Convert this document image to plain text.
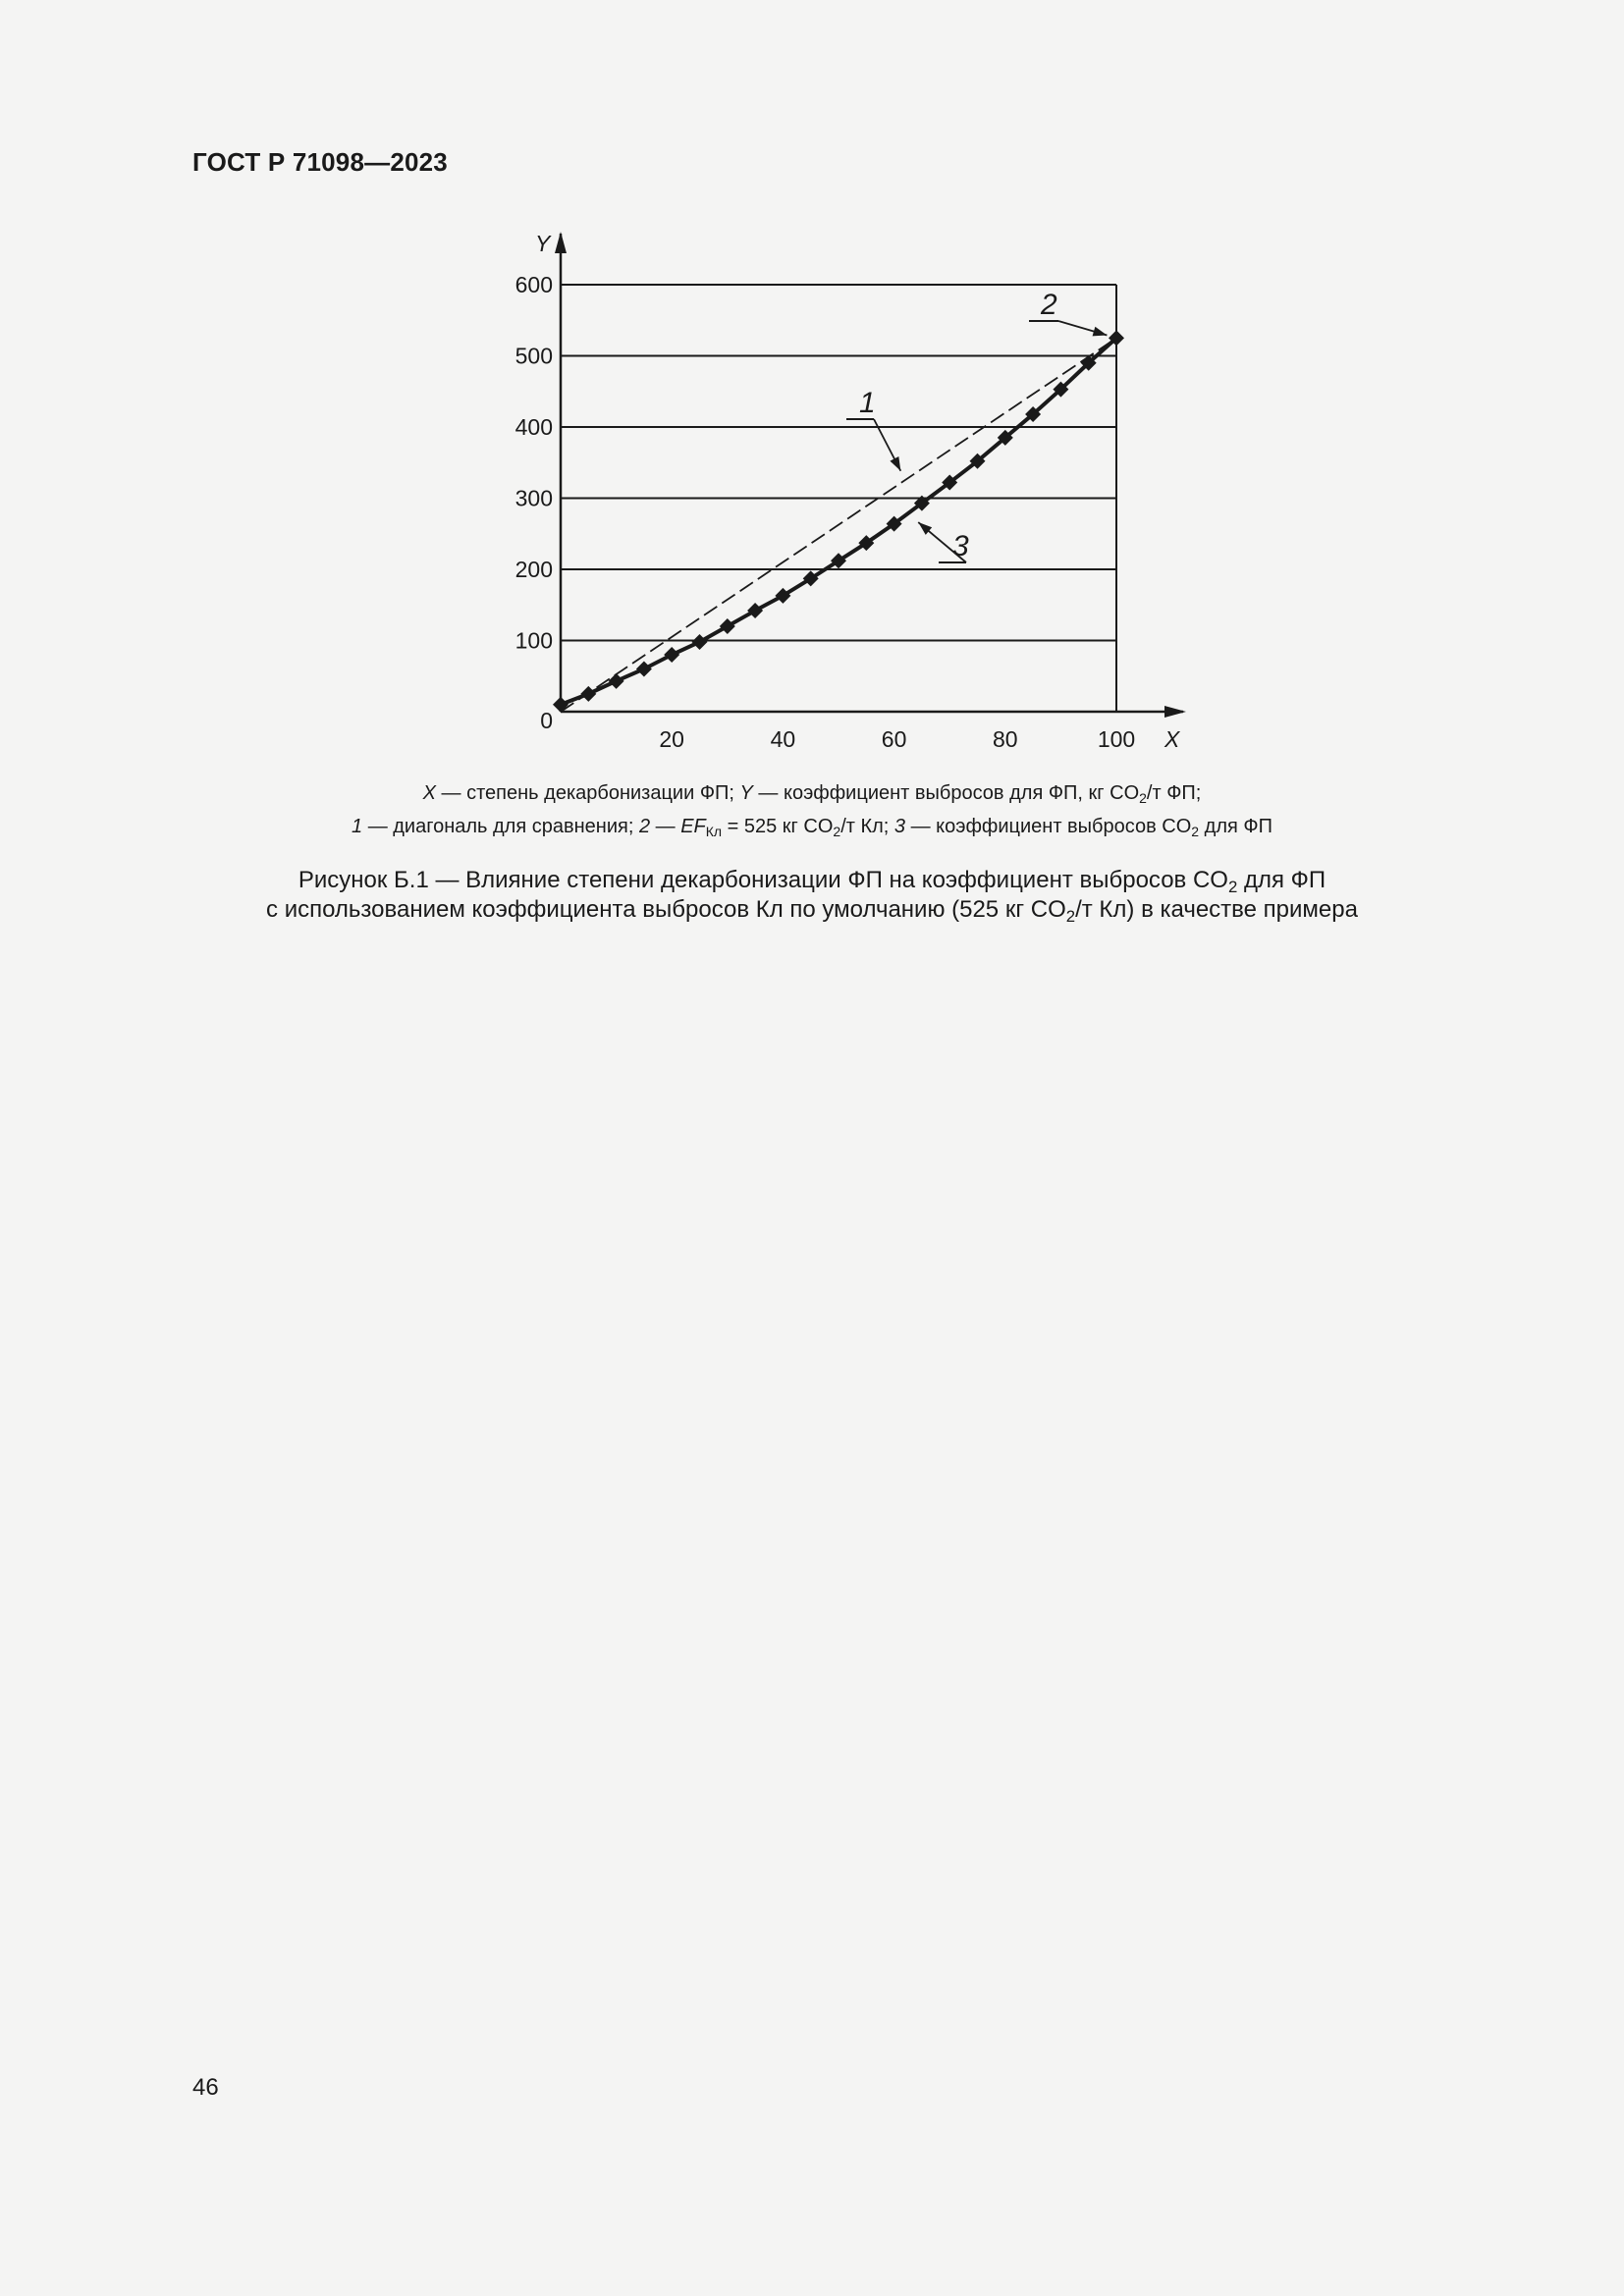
ГОСТ Р 71098—2023
Y
X
0
100
200
300
400
500
600
20	40	60	80	100
1
2
3
X — степень декарбонизации ФП; Y — коэффициент выбросов для ФП, кг $CO_2/т$ ФП;
1 — диагональ для сравнения; 2 — $EF_{Кл} = 525$ кг $CO_2/т$ Кл; 3 — коэффициент выбросов $CO_2$ для ФП
Рисунок Б.1 — Влияние степени декарбонизации ФП на коэффициент выбросов $CO_2$ для ФП
с использованием коэффициента выбросов Кл по умолчанию (525 кг $CO_2/т$ Кл) в качестве примера
46
